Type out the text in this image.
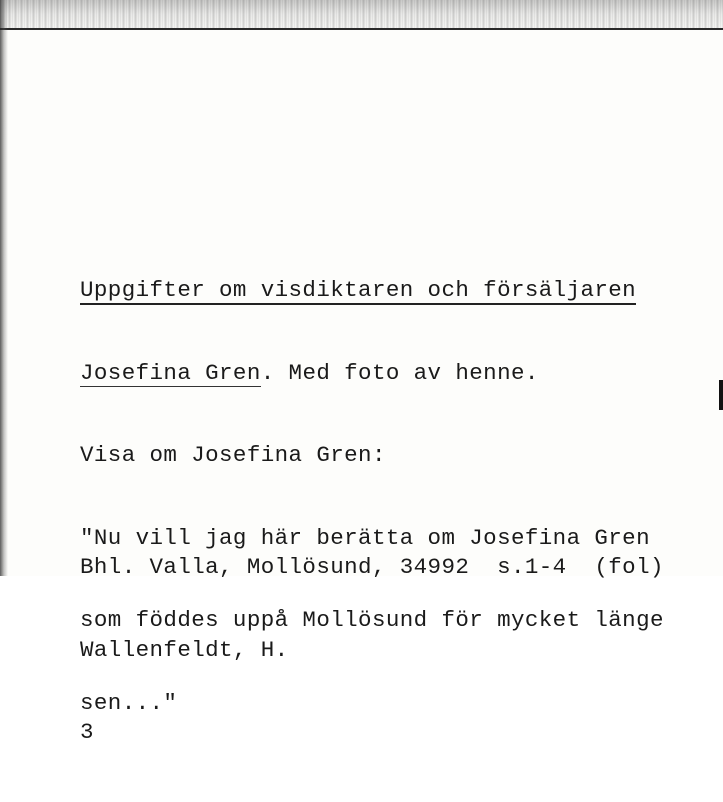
Uppgifter om visdiktaren och försäljaren

Josefina Gren. Med foto av henne.

Visa om Josefina Gren:

"Nu vill jag här berätta om Josefina Gren

som föddes uppå Mollösund för mycket länge

sen..."

Bhl. Valla, Mollösund, 34992  s.1-4  (fol)

Wallenfeldt, H.

3
